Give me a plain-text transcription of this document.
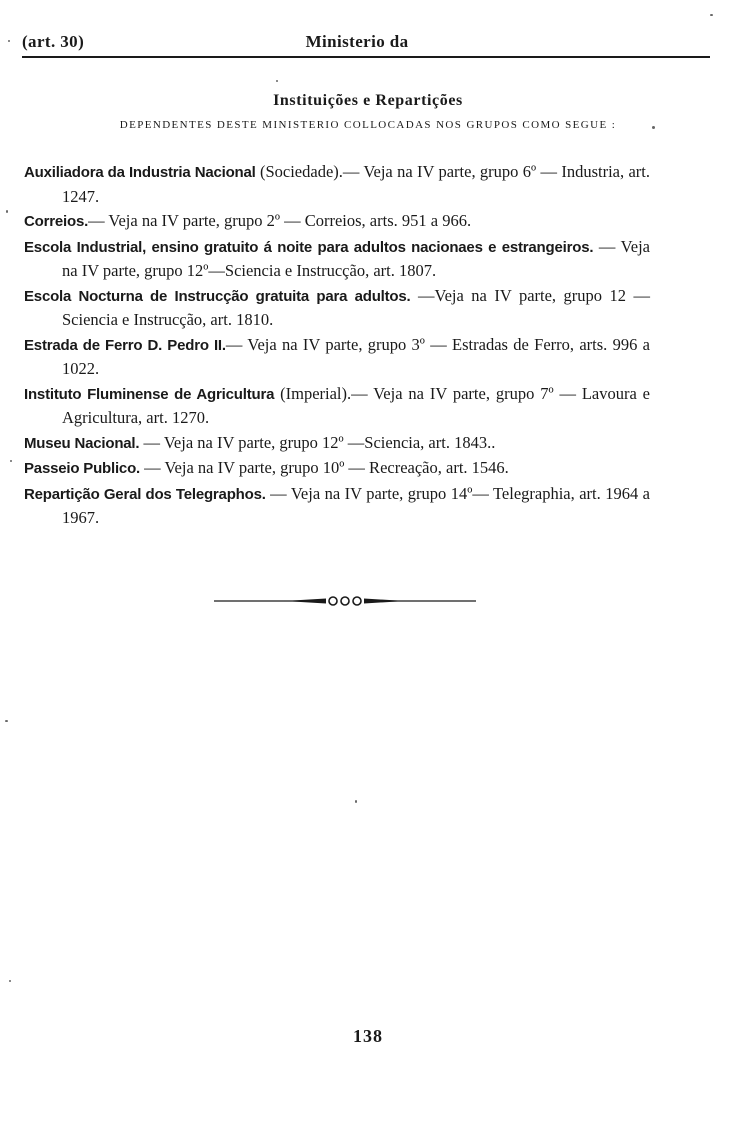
(art. 30)	Ministerio da
Instituições e Repartições
DEPENDENTES DESTE MINISTERIO COLLOCADAS NOS GRUPOS COMO SEGUE :
Auxiliadora da Industria Nacional (Sociedade).— Veja na IV parte, grupo 6º — Industria, art. 1247.
Correios.— Veja na IV parte, grupo 2º — Correios, arts. 951 a 966.
Escola Industrial, ensino gratuito á noite para adultos nacionaes e estrangeiros. — Veja na IV parte, grupo 12º—Sciencia e Instrucção, art. 1807.
Escola Nocturna de Instrucção gratuita para adultos. —Veja na IV parte, grupo 12 — Sciencia e Instrucção, art. 1810.
Estrada de Ferro D. Pedro II.— Veja na IV parte, grupo 3º — Estradas de Ferro, arts. 996 a 1022.
Instituto Fluminense de Agricultura (Imperial).— Veja na IV parte, grupo 7º — Lavoura e Agricultura, art. 1270.
Museu Nacional. — Veja na IV parte, grupo 12º —Sciencia, art. 1843..
Passeio Publico. — Veja na IV parte, grupo 10º — Recreação, art. 1546.
Repartição Geral dos Telegraphos. — Veja na IV parte, grupo 14º— Telegraphia, art. 1964 a 1967.
138
